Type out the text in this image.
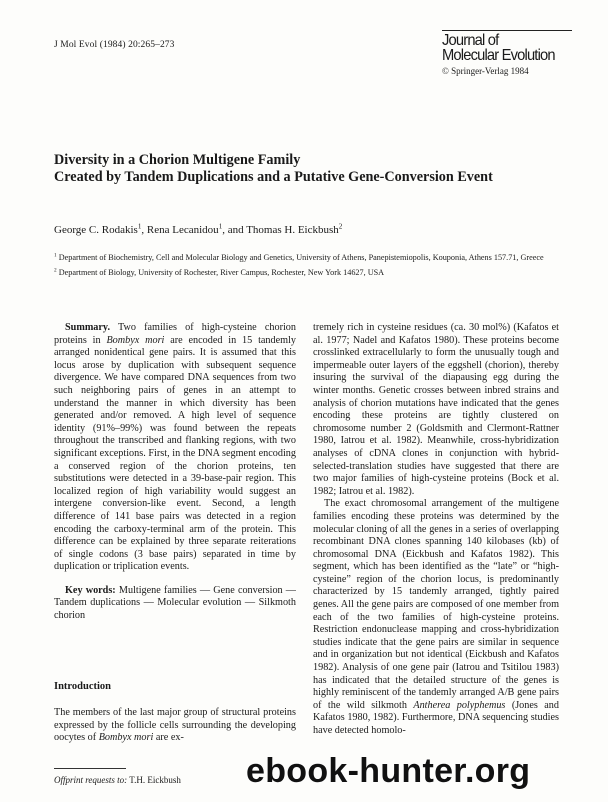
J Mol Evol (1984) 20:265–273	Journal of
Molecular Evolution
© Springer-Verlag 1984
Diversity in a Chorion Multigene Family
Created by Tandem Duplications and a Putative Gene-Conversion Event
George C. Rodakis$^1$, Rena Lecanidou$^1$, and Thomas H. Eickbush$^2$

$^1$ Department of Biochemistry, Cell and Molecular Biology and Genetics, University of Athens, Panepistemiopolis, Kouponia, Athens 157.71, Greece

$^2$ Department of Biology, University of Rochester, River Campus, Rochester, New York 14627, USA

Summary. Two families of high-cysteine chorion proteins in Bombyx mori are encoded in 15 tandemly arranged nonidentical gene pairs. It is assumed that this locus arose by duplication with subsequent sequence divergence. We have compared DNA sequences from two such neighboring pairs of genes in an attempt to understand the manner in which diversity has been generated and/or removed. A high level of sequence identity (91%–99%) was found between the repeats throughout the transcribed and flanking regions, with two significant exceptions. First, in the DNA segment encoding a conserved region of the chorion proteins, ten substitutions were detected in a 39-base-pair region. This localized region of high variability would suggest an intergene conversion-like event. Second, a length difference of 141 base pairs was detected in a region encoding the carboxy-terminal arm of the protein. This difference can be explained by three separate reiterations of single codons (3 base pairs) separated in time by duplication or triplication events.

Key words: Multigene families — Gene conversion — Tandem duplications — Molecular evolution — Silkmoth chorion

Introduction

The members of the last major group of structural proteins expressed by the follicle cells surrounding the developing oocytes of Bombyx mori are ex-

Offprint requests to: T.H. Eickbush

tremely rich in cysteine residues (ca. 30 mol%) (Kafatos et al. 1977; Nadel and Kafatos 1980). These proteins become crosslinked extracellularly to form the unusually tough and impermeable outer layers of the eggshell (chorion), thereby insuring the survival of the diapausing egg during the winter months. Genetic crosses between inbred strains and analysis of chorion mutations have indicated that the genes encoding these proteins are tightly clustered on chromosome number 2 (Goldsmith and Clermont-Rattner 1980, Iatrou et al. 1982). Meanwhile, cross-hybridization analyses of cDNA clones in conjunction with hybrid-selected-translation studies have suggested that there are two major families of high-cysteine proteins (Bock et al. 1982; Iatrou et al. 1982).

The exact chromosomal arrangement of the multigene families encoding these proteins was determined by the molecular cloning of all the genes in a series of overlapping recombinant DNA clones spanning 140 kilobases (kb) of chromosomal DNA (Eickbush and Kafatos 1982). This segment, which has been identified as the “late” or “high-cysteine” region of the chorion locus, is predominantly characterized by 15 tandemly arranged, tightly paired genes. All the gene pairs are composed of one member from each of the two families of high-cysteine proteins. Restriction endonuclease mapping and cross-hybridization studies indicate that the gene pairs are similar in sequence and in organization but not identical (Eickbush and Kafatos 1982). Analysis of one gene pair (Iatrou and Tsitilou 1983) has indicated that the detailed structure of the genes is highly reminiscent of the tandemly arranged A/B gene pairs of the wild silkmoth Antherea polyphemus (Jones and Kafatos 1980, 1982). Furthermore, DNA sequencing studies have detected homolo-

ebook-hunter.org
